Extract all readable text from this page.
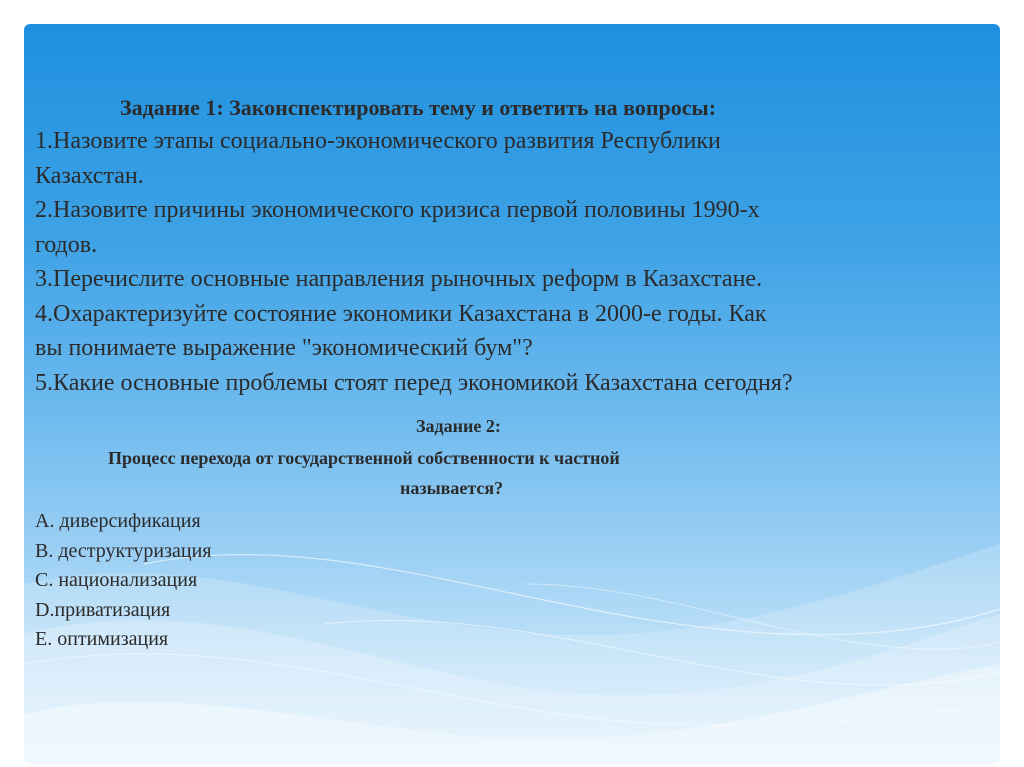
Задание 1: Законспектировать тему и ответить на вопросы:
1.Назовите этапы социально-экономического развития Республики
Казахстан.
2.Назовите причины экономического кризиса первой половины 1990-х
годов.
3.Перечислите основные направления рыночных реформ в Казахстане.
4.Охарактеризуйте состояние экономики Казахстана в 2000-е годы. Как
вы понимаете выражение "экономический бум"?
5.Какие основные проблемы стоят перед экономикой Казахстана сегодня?
Задание 2:
Процесс перехода от государственной собственности к частной
называется?
A. диверсификация
B. деструктуризация
C. национализация
D.приватизация
E. оптимизация
